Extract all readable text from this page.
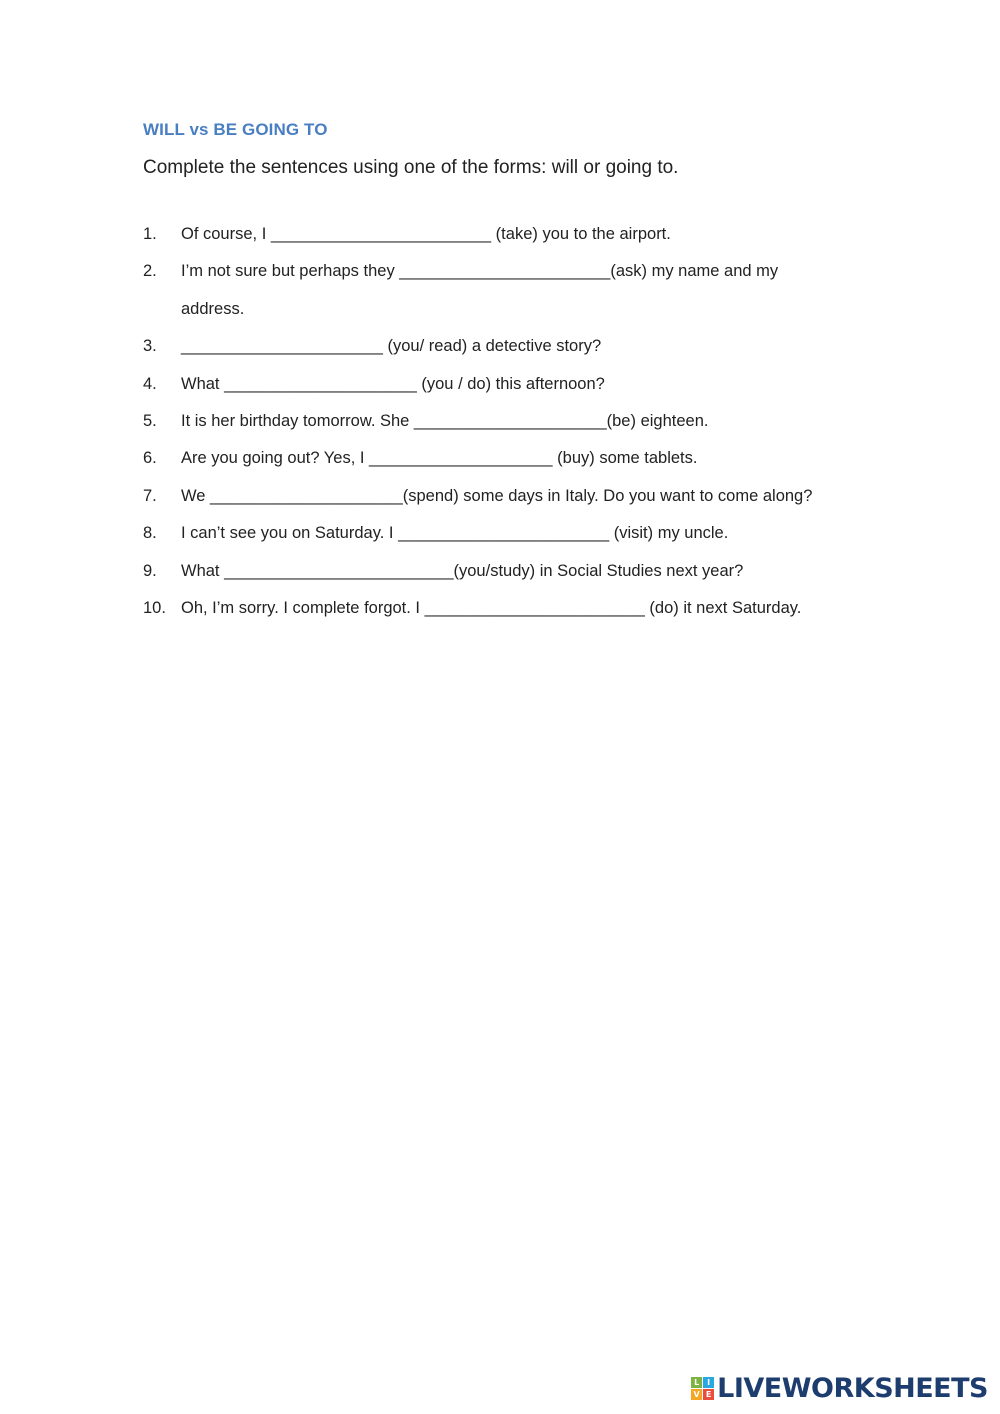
WILL vs BE GOING TO
Complete the sentences using one of the forms: will or going to.
1. Of course, I ________________________ (take) you to the airport.
2. I’m not sure but perhaps they _______________________(ask) my name and my
address.
3. ______________________ (you/ read) a detective story?
4. What _____________________ (you / do) this afternoon?
5. It is her birthday tomorrow. She _____________________(be) eighteen.
6. Are you going out? Yes, I ____________________ (buy) some tablets.
7. We _____________________(spend) some days in Italy. Do you want to come along?
8. I can’t see you on Saturday. I _______________________ (visit) my uncle.
9. What _________________________(you/study) in Social Studies next year?
10. Oh, I’m sorry. I complete forgot. I ________________________ (do) it next Saturday.
L I
V E LIVEWORKSHEETS
